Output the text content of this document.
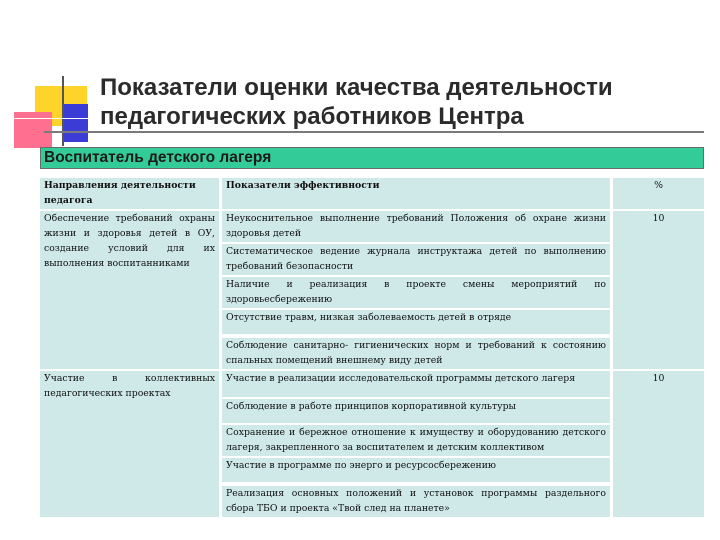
Показатели оценки качества деятельности педагогических работников Центра
Воспитатель детского лагеря
Направления деятельности педагога
Показатели эффективности	%
Обеспечение требований охраны жизни и здоровья детей в ОУ, создание условий для их выполнения воспитанниками
Неукоснительное выполнение требований Положения об охране жизни здоровья детей
Систематическое ведение журнала инструктажа детей по выполнению требований безопасности
Наличие и реализация в проекте смены мероприятий по здоровьесбережению
Отсутствие травм, низкая заболеваемость детей в отряде
Соблюдение санитарно- гигиенических норм и требований к состоянию спальных помещений внешнему виду детей
10
Участие в коллективных педагогических проектах
Участие в реализации исследовательской программы детского лагеря
Соблюдение в работе принципов корпоративной культуры
Сохранение и бережное отношение к имуществу и оборудованию детского лагеря, закрепленного за воспитателем и детским коллективом
Участие в программе по энерго и ресурсосбережению
Реализация основных положений и установок программы раздельного сбора ТБО и проекта «Твой след на планете»
10
